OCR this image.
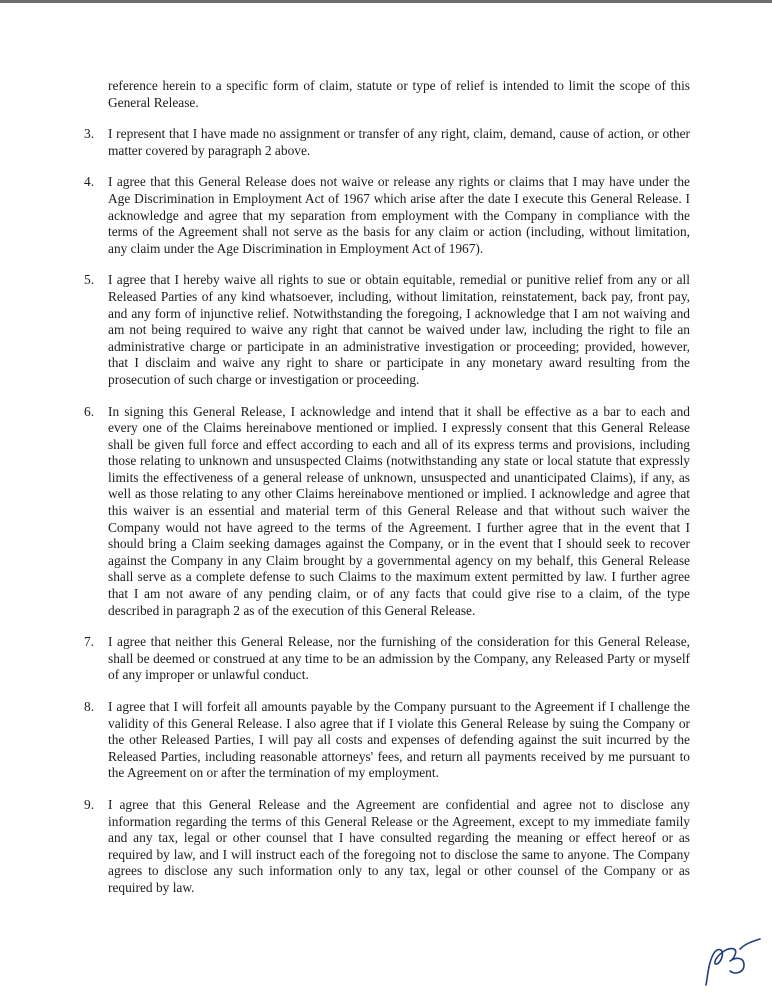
reference herein to a specific form of claim, statute or type of relief is intended to limit the scope of this General Release.

3.	I represent that I have made no assignment or transfer of any right, claim, demand, cause of action, or other matter covered by paragraph 2 above.

4.	I agree that this General Release does not waive or release any rights or claims that I may have under the Age Discrimination in Employment Act of 1967 which arise after the date I execute this General Release. I acknowledge and agree that my separation from employment with the Company in compliance with the terms of the Agreement shall not serve as the basis for any claim or action (including, without limitation, any claim under the Age Discrimination in Employment Act of 1967).

5.	I agree that I hereby waive all rights to sue or obtain equitable, remedial or punitive relief from any or all Released Parties of any kind whatsoever, including, without limitation, reinstatement, back pay, front pay, and any form of injunctive relief. Notwithstanding the foregoing, I acknowledge that I am not waiving and am not being required to waive any right that cannot be waived under law, including the right to file an administrative charge or participate in an administrative investigation or proceeding; provided, however, that I disclaim and waive any right to share or participate in any monetary award resulting from the prosecution of such charge or investigation or proceeding.

6.	In signing this General Release, I acknowledge and intend that it shall be effective as a bar to each and every one of the Claims hereinabove mentioned or implied. I expressly consent that this General Release shall be given full force and effect according to each and all of its express terms and provisions, including those relating to unknown and unsuspected Claims (notwithstanding any state or local statute that expressly limits the effectiveness of a general release of unknown, unsuspected and unanticipated Claims), if any, as well as those relating to any other Claims hereinabove mentioned or implied. I acknowledge and agree that this waiver is an essential and material term of this General Release and that without such waiver the Company would not have agreed to the terms of the Agreement. I further agree that in the event that I should bring a Claim seeking damages against the Company, or in the event that I should seek to recover against the Company in any Claim brought by a governmental agency on my behalf, this General Release shall serve as a complete defense to such Claims to the maximum extent permitted by law. I further agree that I am not aware of any pending claim, or of any facts that could give rise to a claim, of the type described in paragraph 2 as of the execution of this General Release.

7.	I agree that neither this General Release, nor the furnishing of the consideration for this General Release, shall be deemed or construed at any time to be an admission by the Company, any Released Party or myself of any improper or unlawful conduct.

8.	I agree that I will forfeit all amounts payable by the Company pursuant to the Agreement if I challenge the validity of this General Release. I also agree that if I violate this General Release by suing the Company or the other Released Parties, I will pay all costs and expenses of defending against the suit incurred by the Released Parties, including reasonable attorneys' fees, and return all payments received by me pursuant to the Agreement on or after the termination of my employment.

9.	I agree that this General Release and the Agreement are confidential and agree not to disclose any information regarding the terms of this General Release or the Agreement, except to my immediate family and any tax, legal or other counsel that I have consulted regarding the meaning or effect hereof or as required by law, and I will instruct each of the foregoing not to disclose the same to anyone. The Company agrees to disclose any such information only to any tax, legal or other counsel of the Company or as required by law.
